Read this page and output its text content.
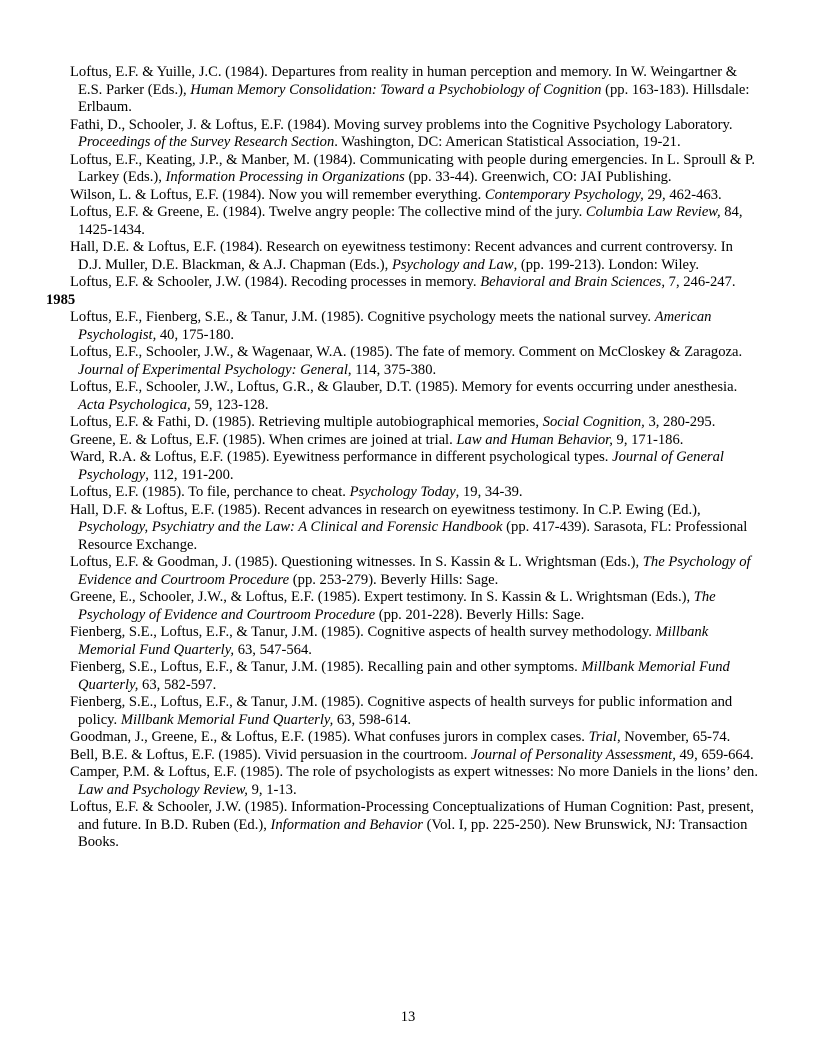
Loftus, E.F. & Yuille, J.C. (1984). Departures from reality in human perception and memory. In W. Weingartner & E.S. Parker (Eds.), Human Memory Consolidation: Toward a Psychobiology of Cognition (pp. 163-183). Hillsdale: Erlbaum.
Fathi, D., Schooler, J. & Loftus, E.F. (1984). Moving survey problems into the Cognitive Psychology Laboratory. Proceedings of the Survey Research Section. Washington, DC: American Statistical Association, 19-21.
Loftus, E.F., Keating, J.P., & Manber, M. (1984). Communicating with people during emergencies. In L. Sproull & P. Larkey (Eds.), Information Processing in Organizations (pp. 33-44). Greenwich, CO: JAI Publishing.
Wilson, L. & Loftus, E.F. (1984). Now you will remember everything. Contemporary Psychology, 29, 462-463.
Loftus, E.F. & Greene, E. (1984). Twelve angry people: The collective mind of the jury. Columbia Law Review, 84, 1425-1434.
Hall, D.E. & Loftus, E.F. (1984). Research on eyewitness testimony: Recent advances and current controversy. In D.J. Muller, D.E. Blackman, & A.J. Chapman (Eds.), Psychology and Law, (pp. 199-213). London: Wiley.
Loftus, E.F. & Schooler, J.W. (1984). Recoding processes in memory. Behavioral and Brain Sciences, 7, 246-247.
1985
Loftus, E.F., Fienberg, S.E., & Tanur, J.M. (1985). Cognitive psychology meets the national survey. American Psychologist, 40, 175-180.
Loftus, E.F., Schooler, J.W., & Wagenaar, W.A. (1985). The fate of memory. Comment on McCloskey & Zaragoza. Journal of Experimental Psychology: General, 114, 375-380.
Loftus, E.F., Schooler, J.W., Loftus, G.R., & Glauber, D.T. (1985). Memory for events occurring under anesthesia. Acta Psychologica, 59, 123-128.
Loftus, E.F. & Fathi, D. (1985). Retrieving multiple autobiographical memories, Social Cognition, 3, 280-295.
Greene, E. & Loftus, E.F. (1985). When crimes are joined at trial. Law and Human Behavior, 9, 171-186.
Ward, R.A. & Loftus, E.F. (1985). Eyewitness performance in different psychological types. Journal of General Psychology, 112, 191-200.
Loftus, E.F. (1985). To file, perchance to cheat. Psychology Today, 19, 34-39.
Hall, D.F. & Loftus, E.F. (1985). Recent advances in research on eyewitness testimony. In C.P. Ewing (Ed.), Psychology, Psychiatry and the Law: A Clinical and Forensic Handbook (pp. 417-439). Sarasota, FL: Professional Resource Exchange.
Loftus, E.F. & Goodman, J. (1985). Questioning witnesses. In S. Kassin & L. Wrightsman (Eds.), The Psychology of Evidence and Courtroom Procedure (pp. 253-279). Beverly Hills: Sage.
Greene, E., Schooler, J.W., & Loftus, E.F. (1985). Expert testimony. In S. Kassin & L. Wrightsman (Eds.), The Psychology of Evidence and Courtroom Procedure (pp. 201-228). Beverly Hills: Sage.
Fienberg, S.E., Loftus, E.F., & Tanur, J.M. (1985). Cognitive aspects of health survey methodology. Millbank Memorial Fund Quarterly, 63, 547-564.
Fienberg, S.E., Loftus, E.F., & Tanur, J.M. (1985). Recalling pain and other symptoms. Millbank Memorial Fund Quarterly, 63, 582-597.
Fienberg, S.E., Loftus, E.F., & Tanur, J.M. (1985). Cognitive aspects of health surveys for public information and policy. Millbank Memorial Fund Quarterly, 63, 598-614.
Goodman, J., Greene, E., & Loftus, E.F. (1985). What confuses jurors in complex cases. Trial, November, 65-74.
Bell, B.E. & Loftus, E.F. (1985). Vivid persuasion in the courtroom. Journal of Personality Assessment, 49, 659-664.
Camper, P.M. & Loftus, E.F. (1985). The role of psychologists as expert witnesses: No more Daniels in the lions’ den. Law and Psychology Review, 9, 1-13.
Loftus, E.F. & Schooler, J.W. (1985). Information-Processing Conceptualizations of Human Cognition: Past, present, and future. In B.D. Ruben (Ed.), Information and Behavior (Vol. I, pp. 225-250). New Brunswick, NJ: Transaction Books.
13
